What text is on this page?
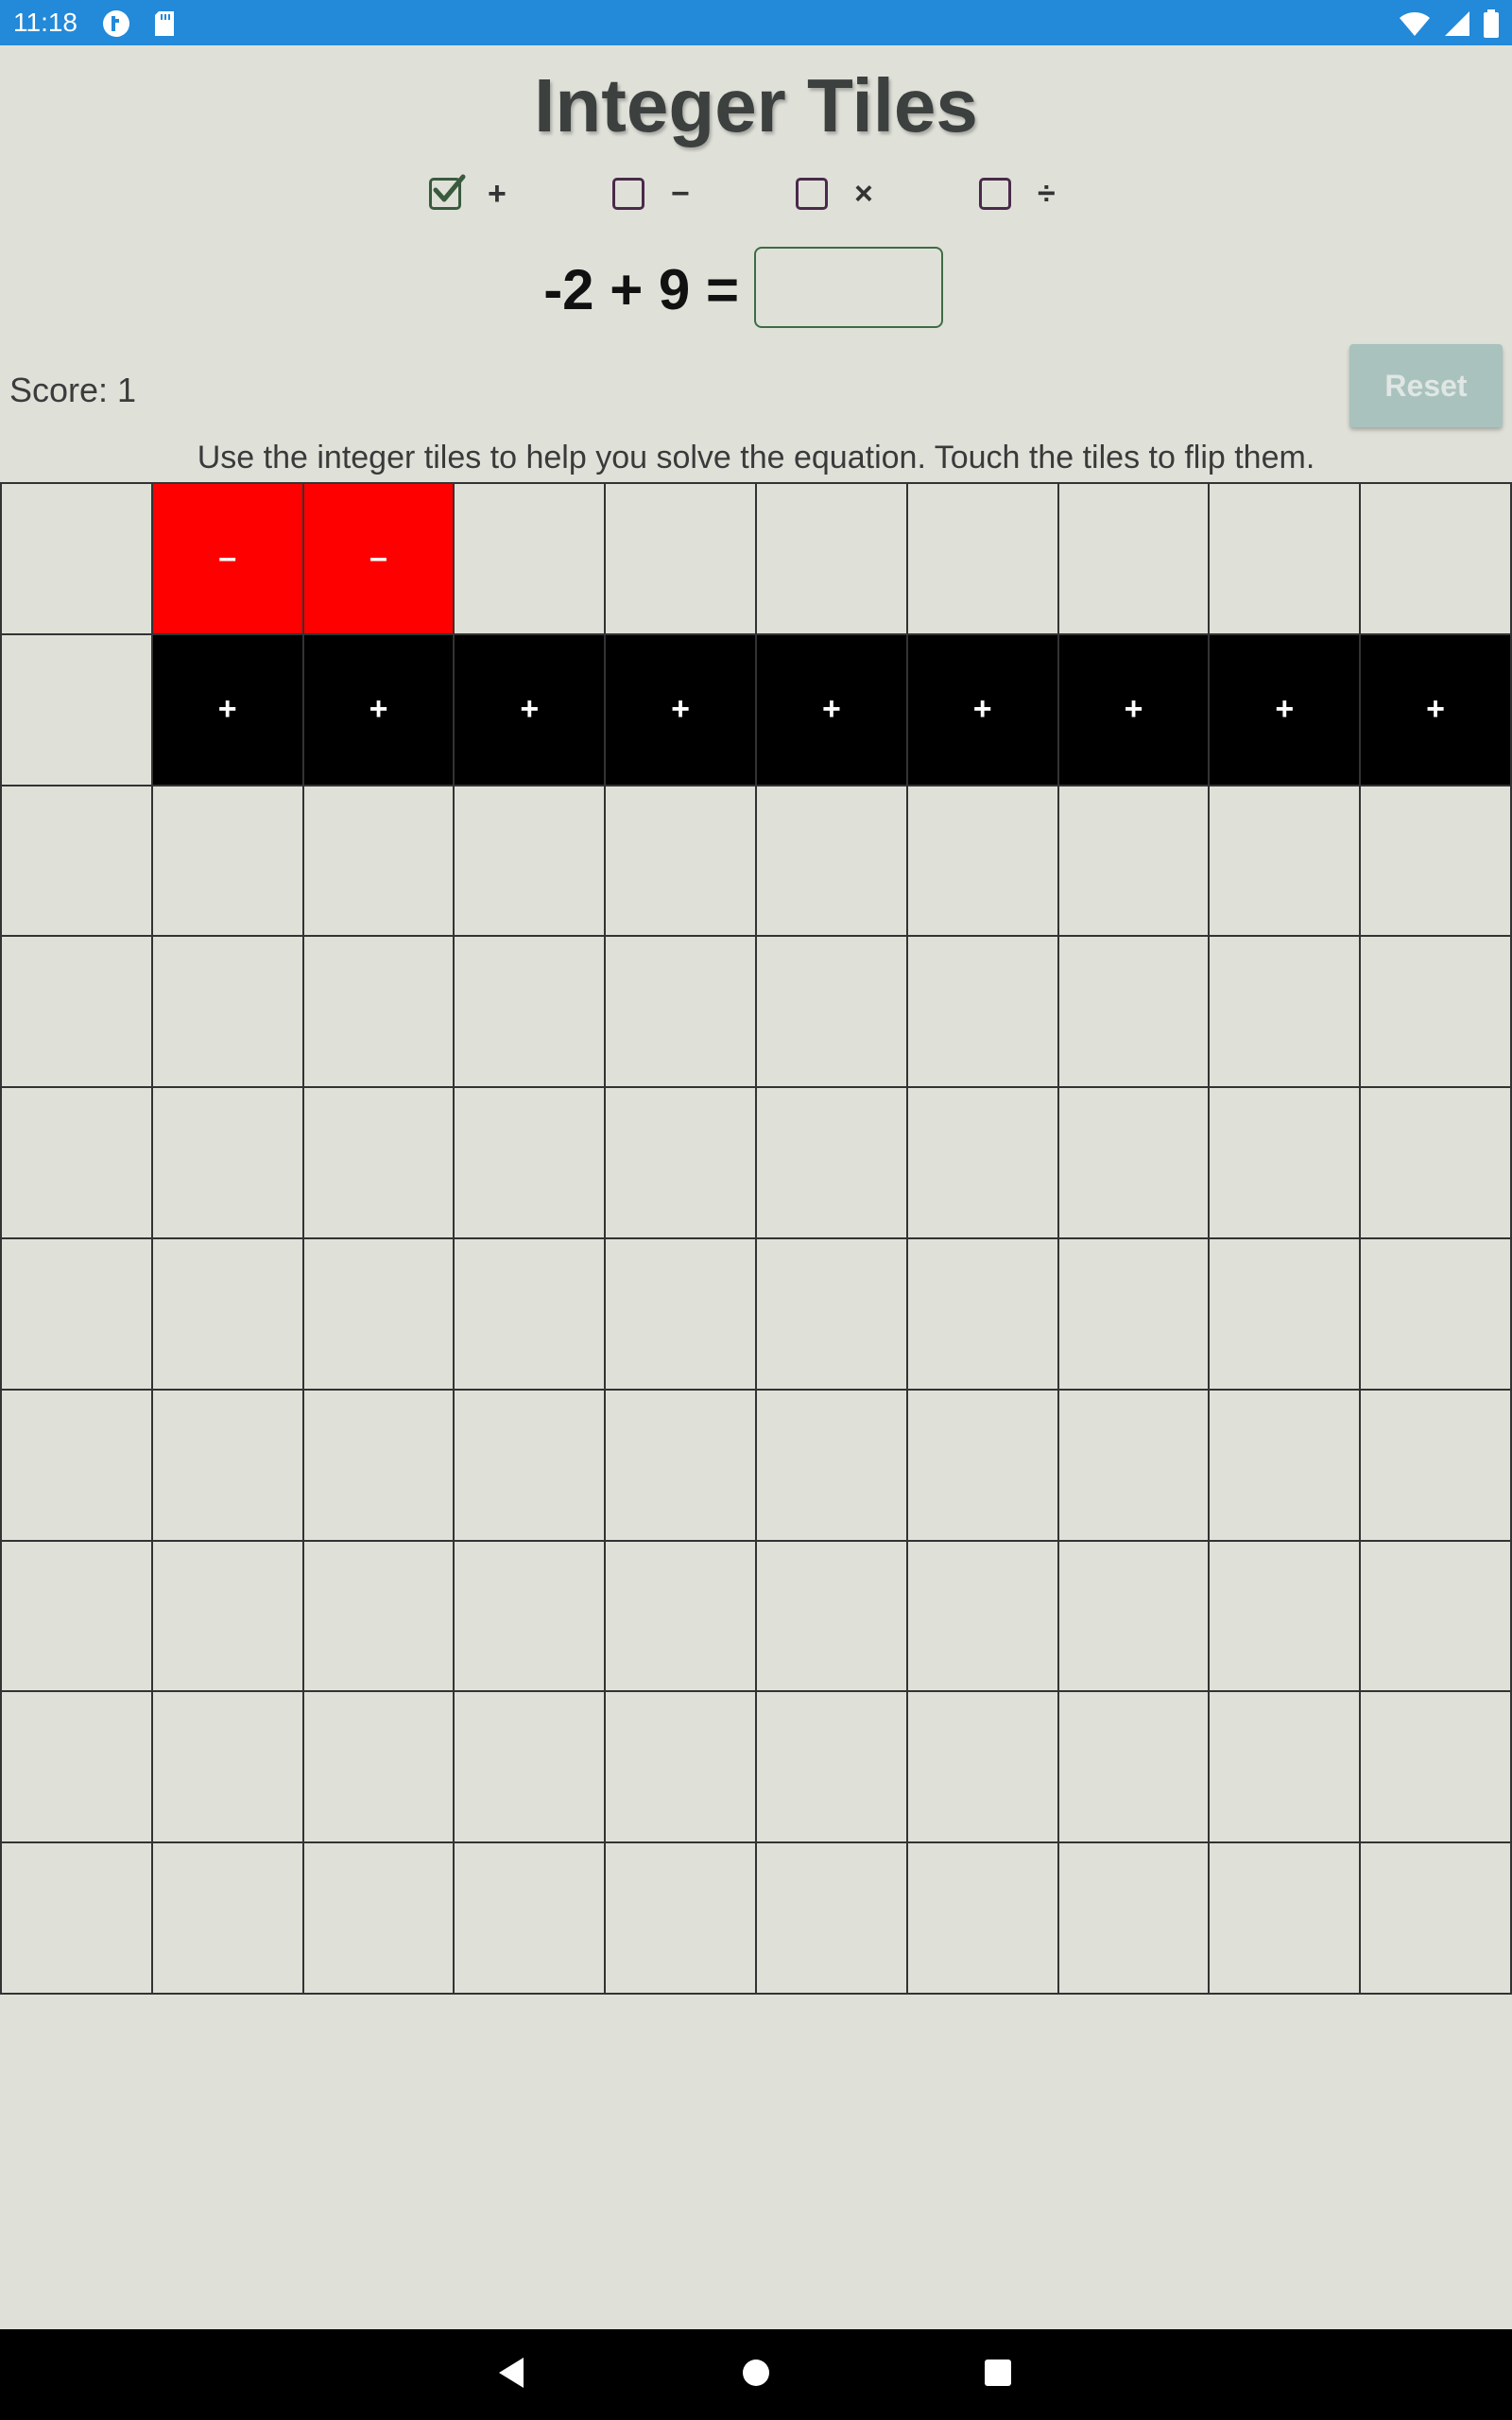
11:18
Integer Tiles
+	−	×	÷
-2 + 9 =
Score: 1	Reset
Use the integer tiles to help you solve the equation. Touch the tiles to flip them.
–	–
+	+	+	+	+	+	+	+	+
